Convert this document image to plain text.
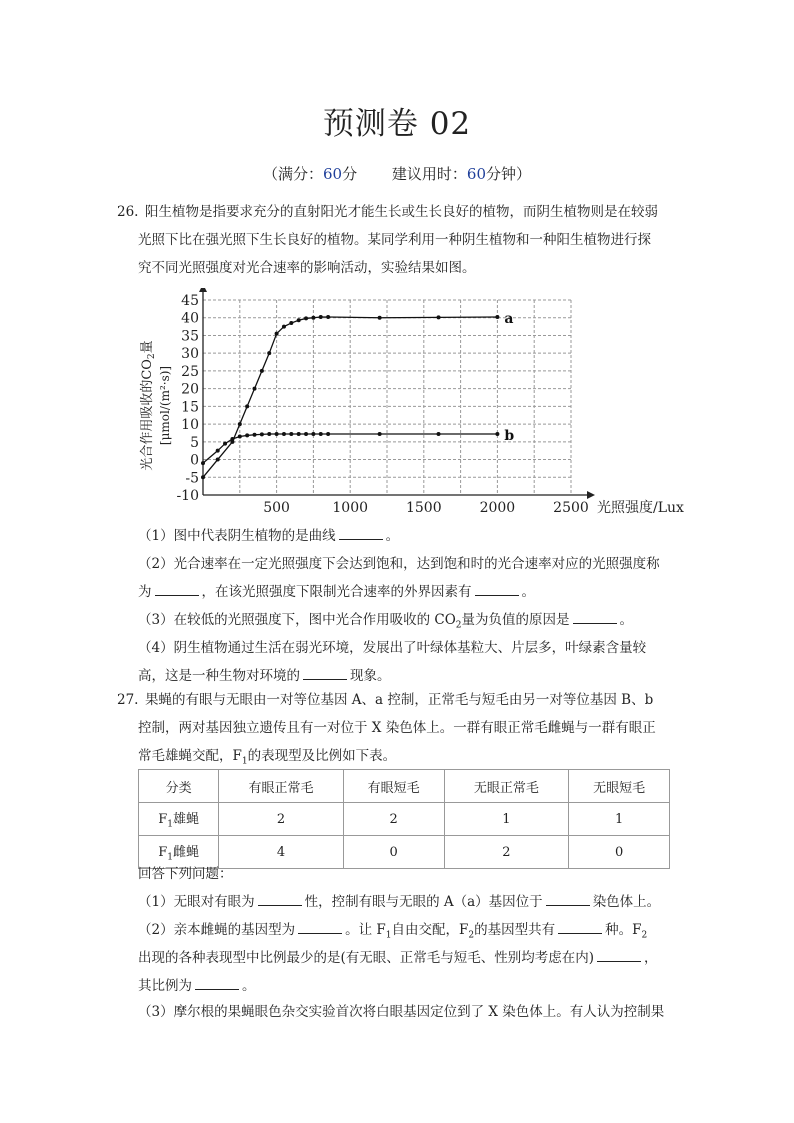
预测卷 02
（满分：60分    建议用时：60分钟）
26. 阳生植物是指要求充分的直射阳光才能生长或生长良好的植物，而阴生植物则是在较弱
光照下比在强光照下生长良好的植物。某同学利用一种阴生植物和一种阳生植物进行探
究不同光照强度对光合速率的影响活动，实验结果如图。
45
40
35
30
25
20
15
10
5
0
-5
-10
500	1000	1500	2000	2500 光照强度/Lux
光合作用吸收的$CO_2$量
[μmol/(m²·s)]
a
b
（1）图中代表阴生植物的是曲线	。
（2）光合速率在一定光照强度下会达到饱和，达到饱和时的光合速率对应的光照强度称
为	，在该光照强度下限制光合速率的外界因素有	。
（3）在较低的光照强度下，图中光合作用吸收的 $CO_2$量为负值的原因是	。
（4）阴生植物通过生活在弱光环境，发展出了叶绿体基粒大、片层多，叶绿素含量较
高，这是一种生物对环境的	现象。
27. 果蝇的有眼与无眼由一对等位基因 A、a 控制，正常毛与短毛由另一对等位基因 B、b
控制，两对基因独立遗传且有一对位于 X 染色体上。一群有眼正常毛雌蝇与一群有眼正
常毛雄蝇交配，$F_1$的表现型及比例如下表。
分类	有眼正常毛	有眼短毛	无眼正常毛	无眼短毛
$F_1$雄蝇	2	2	1	1
$F_1$雌蝇	4	0	2	0
回答下列问题：
（1）无眼对有眼为	性，控制有眼与无眼的 A（a）基因位于	染色体上。
（2）亲本雌蝇的基因型为	。让 $F_1$自由交配，$F_2$的基因型共有	种。$F_2$
出现的各种表现型中比例最少的是(有无眼、正常毛与短毛、性别均考虑在内)	，
其比例为	。
（3）摩尔根的果蝇眼色杂交实验首次将白眼基因定位到了 X 染色体上。有人认为控制果
